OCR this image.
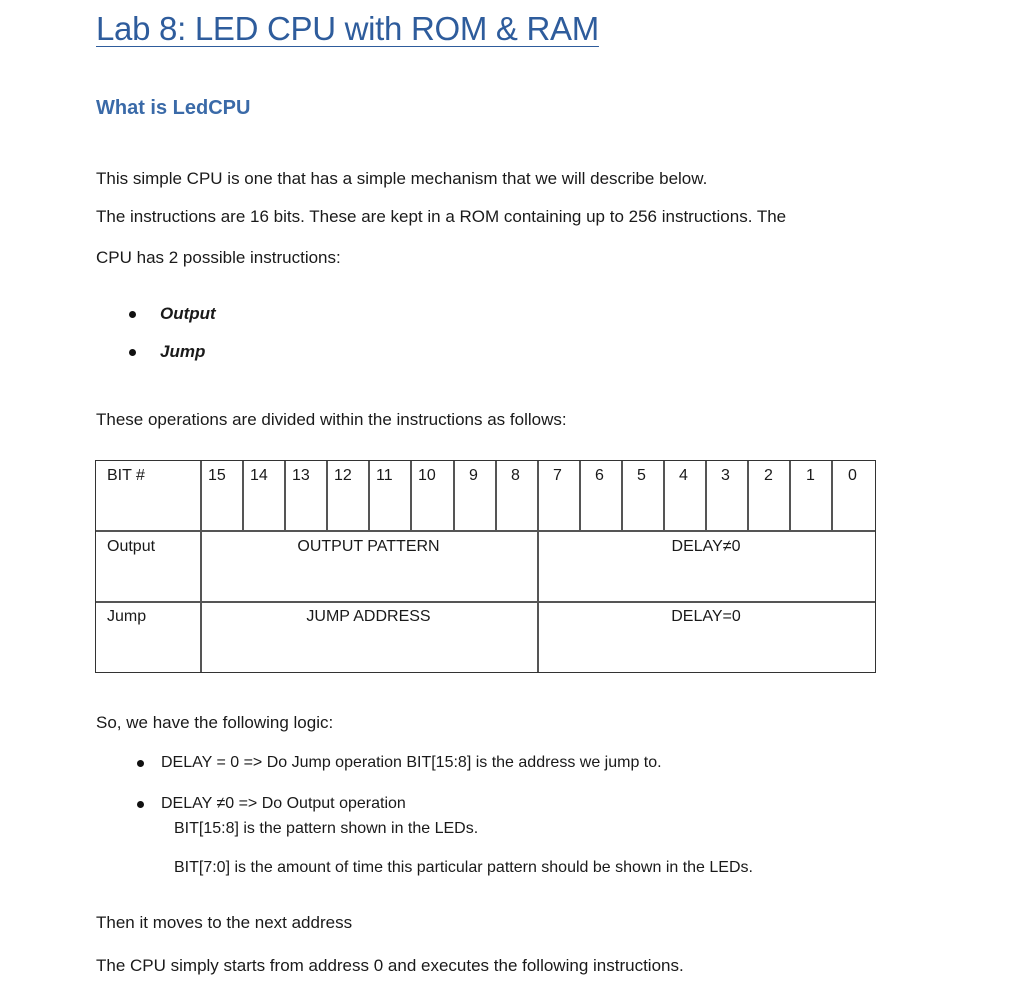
Lab 8: LED CPU with ROM & RAM
What is LedCPU
This simple CPU is one that has a simple mechanism that we will describe below.
The instructions are 16 bits. These are kept in a ROM containing up to 256 instructions. The
CPU has 2 possible instructions:
Output
Jump
These operations are divided within the instructions as follows:
BIT #	15 14 13 12 11 10 9 8 7 6 5 4 3 2 1 0
Output	OUTPUT PATTERN	DELAY≠0
Jump	JUMP ADDRESS	DELAY=0
So, we have the following logic:
DELAY = 0 => Do Jump operation BIT[15:8] is the address we jump to.
DELAY ≠0 => Do Output operation
BIT[15:8] is the pattern shown in the LEDs.
BIT[7:0] is the amount of time this particular pattern should be shown in the LEDs.
Then it moves to the next address
The CPU simply starts from address 0 and executes the following instructions.
